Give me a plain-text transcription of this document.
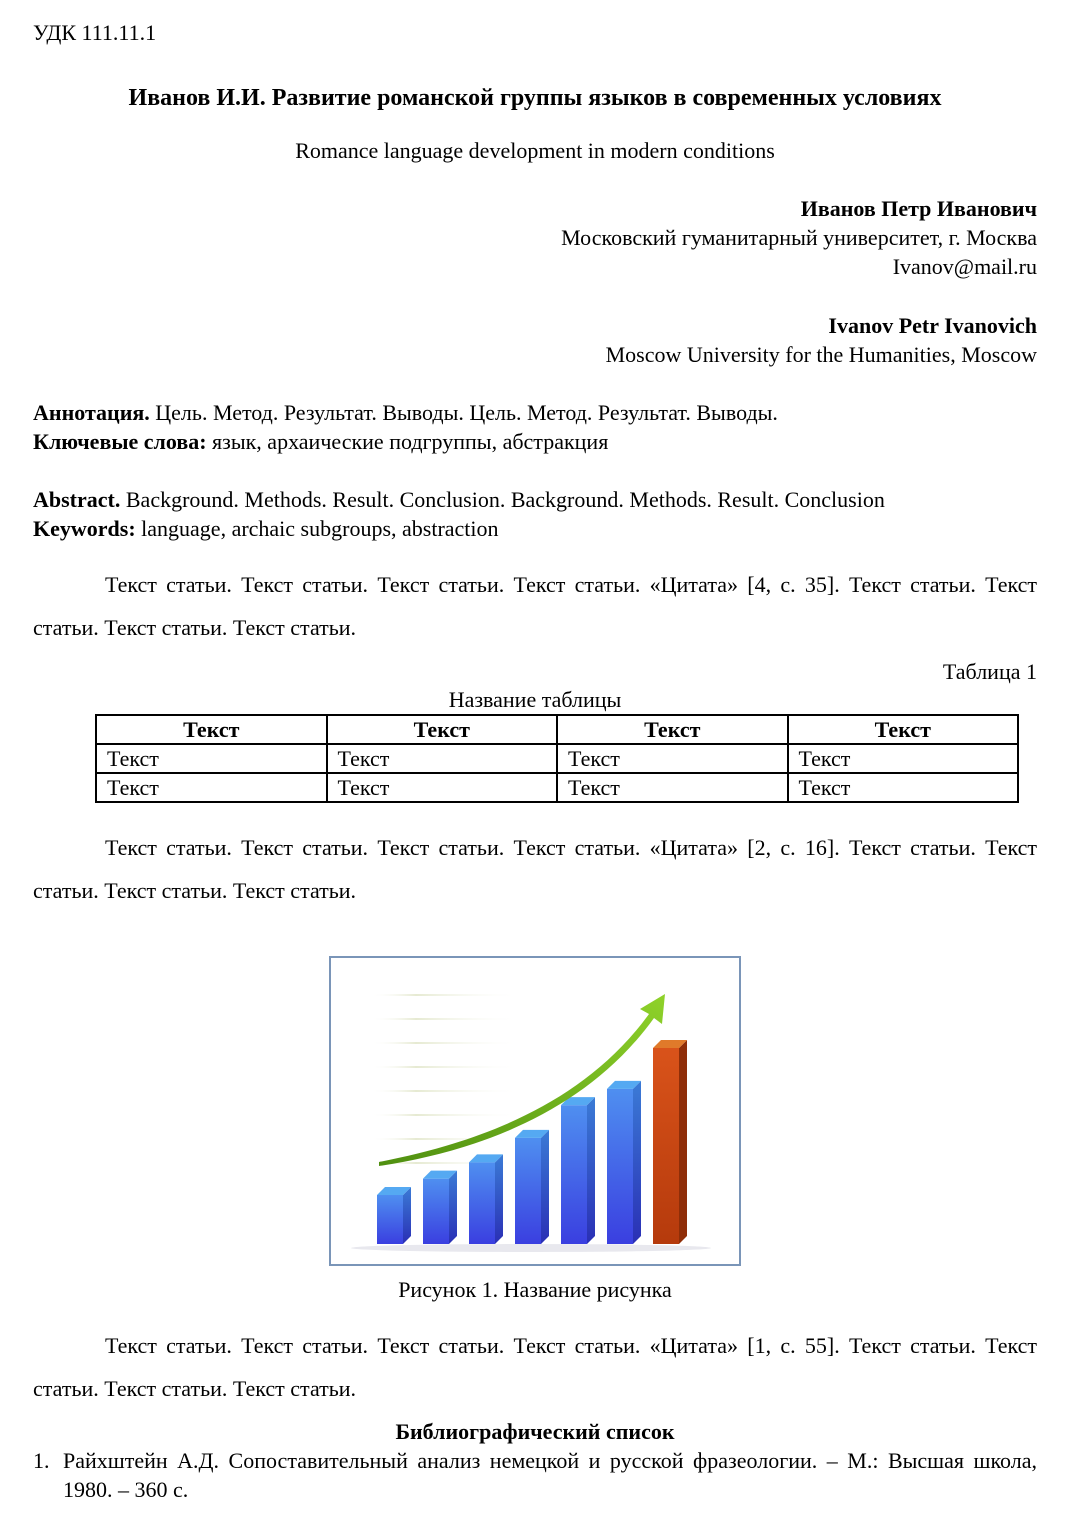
УДК 111.11.1
Иванов И.И. Развитие романской группы языков в современных условиях
Romance language development in modern conditions
Иванов Петр Иванович
Московский гуманитарный университет, г. Москва
Ivanov@mail.ru
Ivanov Petr Ivanovich
Moscow University for the Humanities, Moscow
Аннотация. Цель. Метод. Результат. Выводы. Цель. Метод. Результат. Выводы.
Ключевые слова: язык, архаические подгруппы, абстракция
Abstract. Background. Methods. Result. Conclusion. Background. Methods. Result. Conclusion
Keywords: language, archaic subgroups, abstraction
Текст статьи. Текст статьи. Текст статьи. Текст статьи. «Цитата» [4, с. 35]. Текст статьи. Текст статьи. Текст статьи. Текст статьи.
Таблица 1
Название таблицы
Текст	Текст	Текст	Текст
Текст	Текст	Текст	Текст
Текст	Текст	Текст	Текст
Текст статьи. Текст статьи. Текст статьи. Текст статьи. «Цитата» [2, с. 16]. Текст статьи. Текст статьи. Текст статьи. Текст статьи.
Рисунок 1. Название рисунка
Текст статьи. Текст статьи. Текст статьи. Текст статьи. «Цитата» [1, с. 55]. Текст статьи. Текст статьи. Текст статьи. Текст статьи.
Библиографический список
1. Райхштейн А.Д. Сопоставительный анализ немецкой и русской фразеологии. – М.: Высшая школа, 1980. – 360 с.
